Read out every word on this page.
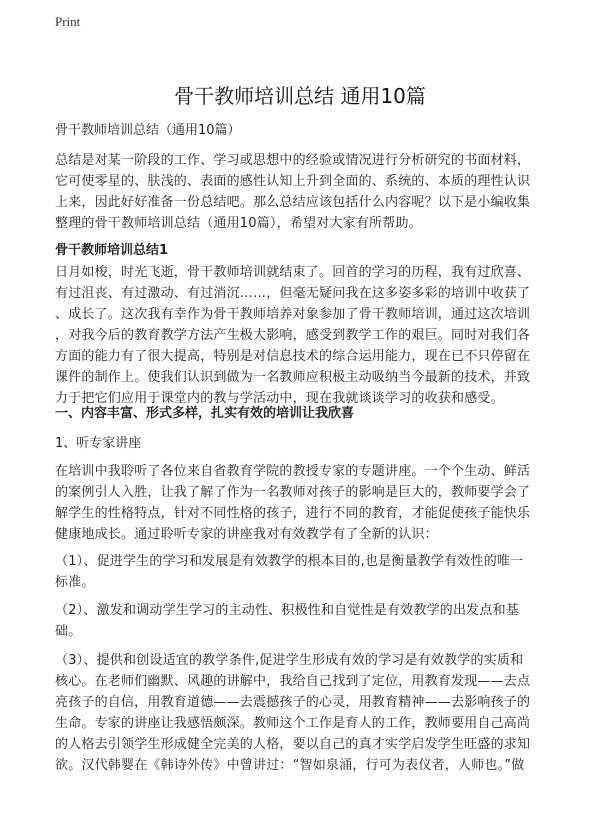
Print
骨干教师培训总结 通用10篇
骨干教师培训总结（通用10篇）
总结是对某一阶段的工作、学习或思想中的经验或情况进行分析研究的书面材料，
它可使零星的、肤浅的、表面的感性认知上升到全面的、系统的、本质的理性认识
上来，因此好好准备一份总结吧。那么总结应该包括什么内容呢？以下是小编收集
整理的骨干教师培训总结（通用10篇），希望对大家有所帮助。
骨干教师培训总结1
日月如梭，时光飞逝，骨干教师培训就结束了。回首的学习的历程，我有过欣喜、
有过沮丧、有过激动、有过消沉……，但毫无疑问我在这多姿多彩的培训中收获了
、成长了。这次我有幸作为骨干教师培养对象参加了骨干教师培训，通过这次培训
，对我今后的教育教学方法产生极大影响，感受到教学工作的艰巨。同时对我们各
方面的能力有了很大提高，特别是对信息技术的综合运用能力，现在已不只停留在
课件的制作上。使我们认识到做为一名教师应积极主动吸纳当今最新的技术，并致
力于把它们应用于课堂内的教与学活动中，现在我就谈谈学习的收获和感受。
一、内容丰富、形式多样，扎实有效的培训让我欣喜
1、听专家讲座
在培训中我聆听了各位来自省教育学院的教授专家的专题讲座。一个个生动、鲜活
的案例引人入胜，让我了解了作为一名教师对孩子的影响是巨大的，教师要学会了
解学生的性格特点，针对不同性格的孩子，进行不同的教育，才能促使孩子能快乐
健康地成长。通过聆听专家的讲座我对有效教学有了全新的认识：
（1）、促进学生的学习和发展是有效教学的根本目的,也是衡量教学有效性的唯一
标准。
（2）、激发和调动学生学习的主动性、积极性和自觉性是有效教学的出发点和基
础。
（3）、提供和创设适宜的教学条件,促进学生形成有效的学习是有效教学的实质和
核心。在老师们幽默、风趣的讲解中，我给自己找到了定位，用教育发现——去点
亮孩子的自信，用教育道德——去震撼孩子的心灵，用教育精神——去影响孩子的
生命。专家的讲座让我感悟颇深。教师这个工作是育人的工作，教师要用自己高尚
的人格去引领学生形成健全完美的人格，要以自己的真才实学启发学生旺盛的求知
欲。汉代韩婴在《韩诗外传》中曾讲过：“智如泉涌，行可为表仪者，人师也。”做
